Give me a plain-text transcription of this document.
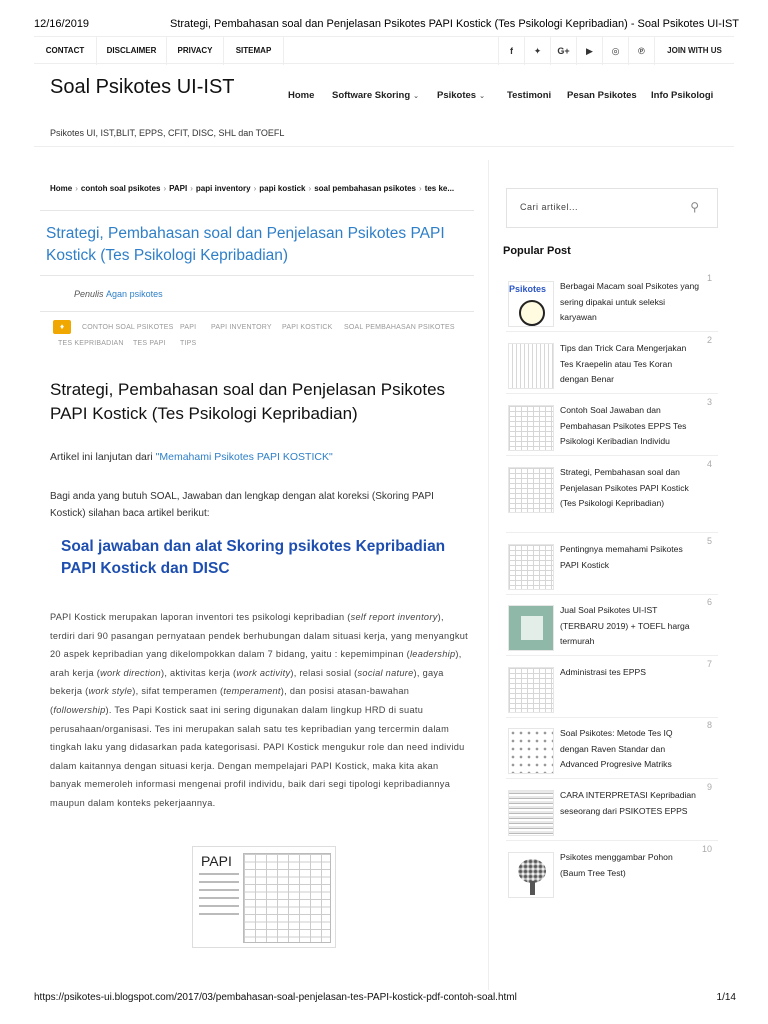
12/16/2019	Strategi, Pembahasan soal dan Penjelasan Psikotes PAPI Kostick (Tes Psikologi Kepribadian) - Soal Psikotes UI-IST
CONTACT	DISCLAIMER	PRIVACY	SITEMAP	f	✦	G+	▶	◎	℗	JOIN WITH US
Soal Psikotes UI-IST
Psikotes UI, IST,BLIT, EPPS, CFIT, DISC, SHL dan TOEFL
Home Software Skoring ⌄ Psikotes ⌄ Testimoni Pesan Psikotes Info Psikologi
Home › contoh soal psikotes › PAPI › papi inventory › papi kostick › soal pembahasan psikotes › tes ke...
Strategi, Pembahasan soal dan Penjelasan Psikotes PAPI Kostick (Tes Psikologi Kepribadian)
Penulis Agan psikotes
♦	CONTOH SOAL PSIKOTES PAPI PAPI INVENTORY PAPI KOSTICK SOAL PEMBAHASAN PSIKOTES
TES KEPRIBADIAN TES PAPI TIPS
Strategi, Pembahasan soal dan Penjelasan Psikotes PAPI Kostick (Tes Psikologi Kepribadian)
Artikel ini lanjutan dari "Memahami Psikotes PAPI KOSTICK"
Bagi anda yang butuh SOAL, Jawaban dan lengkap dengan alat koreksi (Skoring PAPI Kostick) silahan baca artikel berikut:
Soal jawaban dan alat Skoring psikotes Kepribadian PAPI Kostick dan DISC
PAPI Kostick merupakan laporan inventori tes psikologi kepribadian (self report inventory), terdiri dari 90 pasangan pernyataan pendek berhubungan dalam situasi kerja, yang menyangkut 20 aspek kepribadian yang dikelompokkan dalam 7 bidang, yaitu : kepemimpinan (leadership), arah kerja (work direction), aktivitas kerja (work activity), relasi sosial (social nature), gaya bekerja (work style), sifat temperamen (temperament), dan posisi atasan-bawahan (followership). Tes Papi Kostick saat ini sering digunakan dalam lingkup HRD di suatu perusahaan/organisasi. Tes ini merupakan salah satu tes kepribadian yang tercermin dalam tingkah laku yang didasarkan pada kategorisasi. PAPI Kostick mengukur role dan need individu dalam kaitannya dengan situasi kerja. Dengan mempelajari PAPI Kostick, maka kita akan banyak memeroleh informasi mengenai profil individu, baik dari segi tipologi kepribadiannya maupun dalam konteks pekerjaannya.
PAPI
Cari artikel...	⚲
Popular Post
Psikotes Berbagai Macam soal Psikotes yang sering dipakai untuk seleksi karyawan
1
Tips dan Trick Cara Mengerjakan Tes Kraepelin atau Tes Koran dengan Benar
2
Contoh Soal Jawaban dan Pembahasan Psikotes EPPS Tes Psikologi Keribadian Individu
3
Strategi, Pembahasan soal dan Penjelasan Psikotes PAPI Kostick (Tes Psikologi Kepribadian)
4
Pentingnya memahami Psikotes PAPI Kostick
5
Jual Soal Psikotes UI-IST (TERBARU 2019) + TOEFL harga termurah
6
Administrasi tes EPPS
7
Soal Psikotes: Metode Tes IQ dengan Raven Standar dan Advanced Progresive Matriks
8
CARA INTERPRETASI Kepribadian seseorang dari PSIKOTES EPPS
9
Psikotes menggambar Pohon (Baum Tree Test)
10
https://psikotes-ui.blogspot.com/2017/03/pembahasan-soal-penjelasan-tes-PAPI-kostick-pdf-contoh-soal.html	1/14
